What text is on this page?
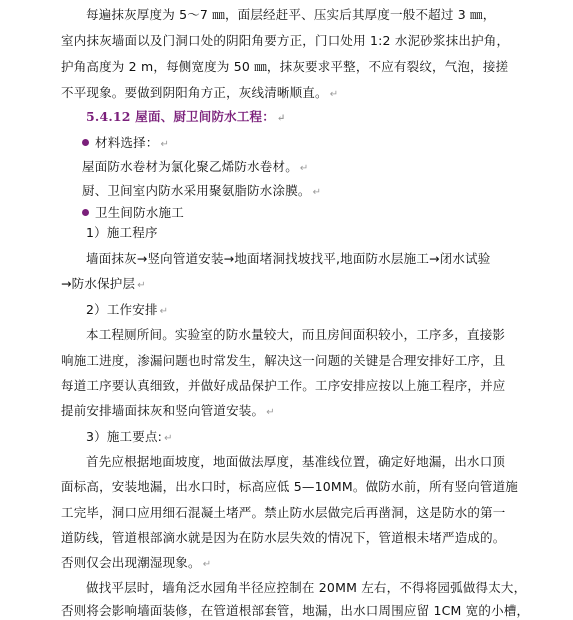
每遍抹灰厚度为 5～7 ㎜，面层经赶平、压实后其厚度一般不超过 3 ㎜，
室内抹灰墙面以及门洞口处的阴阳角要方正，门口处用 1:2 水泥砂浆抹出护角，
护角高度为 2 m，每侧宽度为 50 ㎜，抹灰要求平整，不应有裂纹，气泡，接搓
不平现象。要做到阴阳角方正，灰线清晰顺直。 ↵
5.4.12 屋面、厨卫间防水工程： ↵
材料选择： ↵
屋面防水卷材为氯化聚乙烯防水卷材。 ↵
厨、卫间室内防水采用聚氨脂防水涂膜。 ↵
卫生间防水施工
1）施工程序
墙面抹灰→竖向管道安装→地面堵洞找坡找平,地面防水层施工→闭水试验
→防水保护层 ↵
2）工作安排 ↵
本工程厕所间。实验室的防水量较大，而且房间面积较小，工序多，直接影
响施工进度，渗漏问题也时常发生，解决这一问题的关键是合理安排好工序，且
每道工序要认真细致，并做好成品保护工作。工序安排应按以上施工程序，并应
提前安排墙面抹灰和竖向管道安装。 ↵
3）施工要点: ↵
首先应根据地面坡度，地面做法厚度，基准线位置，确定好地漏，出水口顶
面标高，安装地漏，出水口时，标高应低 5—10MM。做防水前，所有竖向管道施
工完毕，洞口应用细石混凝土堵严。禁止防水层做完后再凿洞，这是防水的第一
道防线，管道根部滴水就是因为在防水层失效的情况下，管道根未堵严造成的。
否则仅会出现潮湿现象。 ↵
做找平层时，墙角泛水园角半径应控制在 20MM 左右，不得将园弧做得太大，
否则将会影响墙面装修，在管道根部套管，地漏，出水口周围应留 1CM 宽的小槽，
